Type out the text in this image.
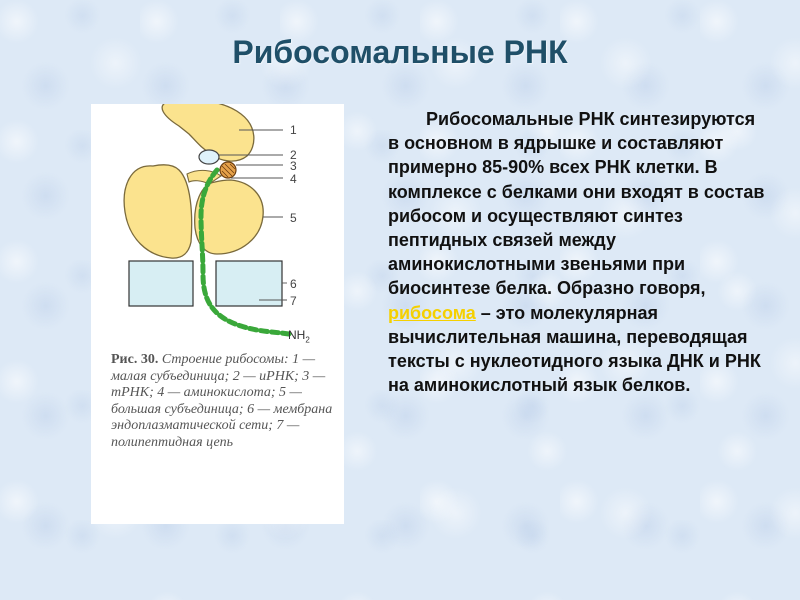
Рибосомальные РНК
1
2
3
4
5
6
7
$NH_2$

Рис. 30. Строение рибосомы: 1 — малая субъединица; 2 — иРНК; 3 — тРНК; 4 — аминокислота; 5 — большая субъединица; 6 — мембрана эндоплазматической сети; 7 — полипептидная цепь

Рибосомальные РНК синтезируются в основном в ядрышке и составляют примерно 85-90% всех РНК клетки. В комплексе с белками они входят в состав рибосом и осуществляют синтез пептидных связей между аминокислотными звеньями при биосинтезе белка. Образно говоря, рибосома – это молекулярная вычислительная машина, переводящая тексты с нуклеотидного языка ДНК и РНК на аминокислотный язык белков.
